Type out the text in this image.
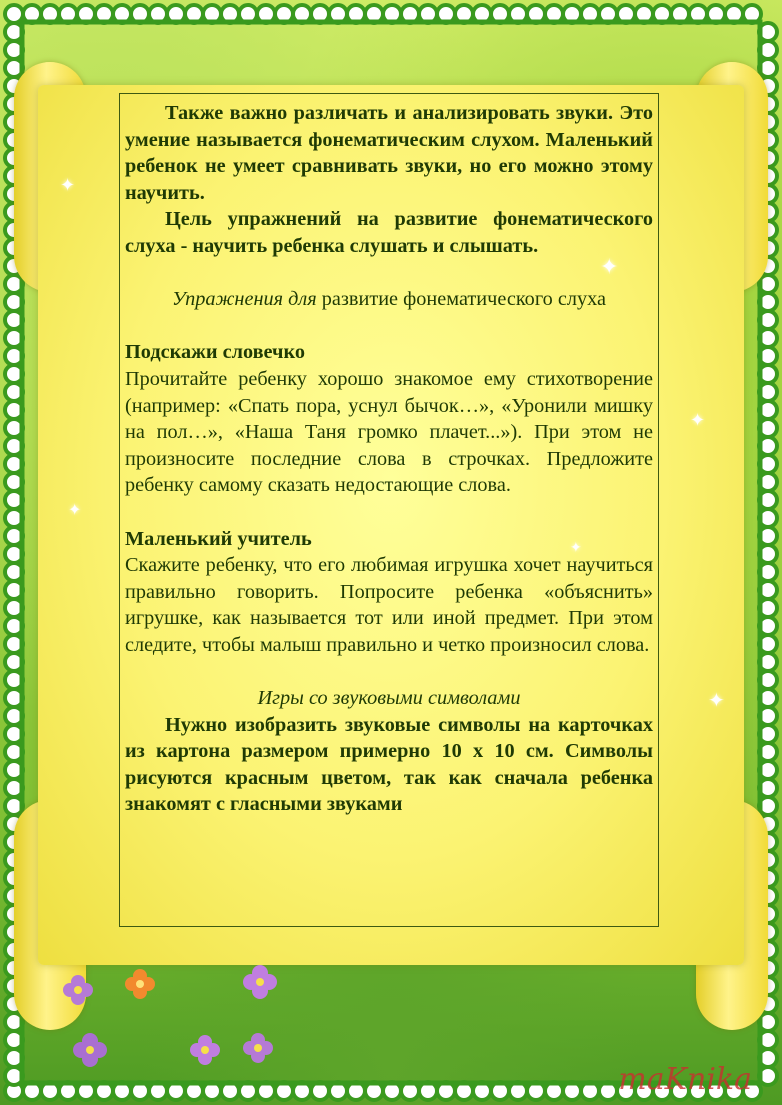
✦
✦
✦
✦
✦
✦

Также важно различать и анализировать звуки. Это умение называется фонематическим слухом. Маленький ребенок не умеет сравнивать звуки, но его можно этому научить.

Цель упражнений на развитие фонематического слуха - научить ребенка слушать и слышать.

Упражнения для развитие фонематического слуха

Подскажи словечко

Прочитайте ребенку хорошо знакомое ему стихотворение (например: «Спать пора, уснул бычок…», «Уронили мишку на пол…», «Наша Таня громко плачет...»). При этом не произносите последние слова в строчках. Предложите ребенку самому сказать недостающие слова.

Маленький учитель

Скажите ребенку, что его любимая игрушка хочет научиться правильно говорить. Попросите ребенка «объяснить» игрушке, как называется тот или иной предмет. При этом следите, чтобы малыш правильно и четко произносил слова.

Игры со звуковыми символами

Нужно изобразить звуковые символы на карточках из картона размером примерно 10 х 10 см. Символы рисуются красным цветом, так как сначала ребенка знакомят с гласными звуками

maKnika
